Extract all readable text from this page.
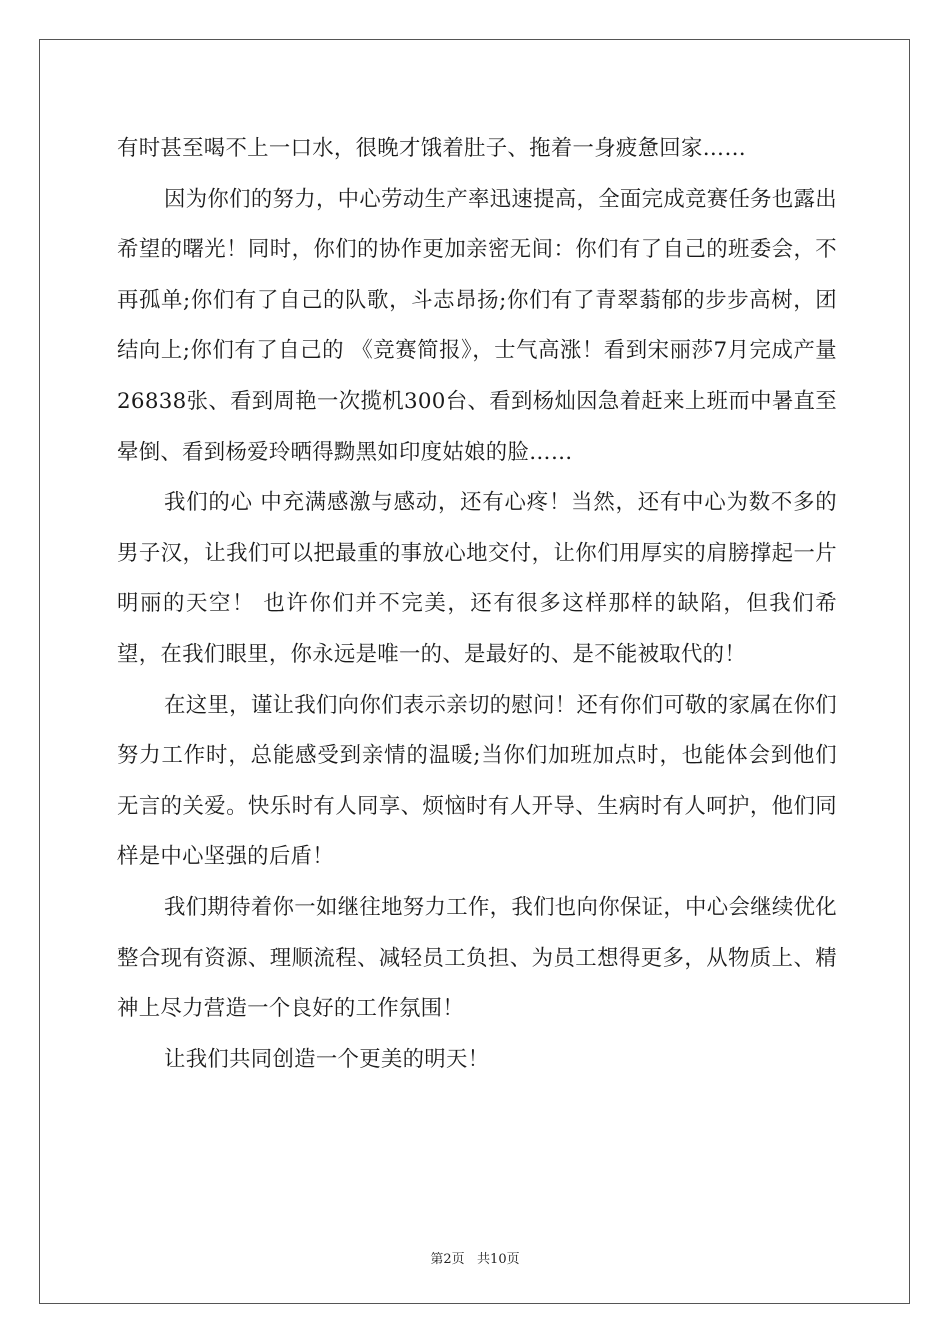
有时甚至喝不上一口水，很晚才饿着肚子、拖着一身疲惫回家……

因为你们的努力，中心劳动生产率迅速提高，全面完成竞赛任务也露出希望的曙光！同时，你们的协作更加亲密无间：你们有了自己的班委会，不再孤单;你们有了自己的队歌，斗志昂扬;你们有了青翠蓊郁的步步高树，团结向上;你们有了自己的 《竞赛简报》，士气高涨！看到宋丽莎7月完成产量26838张、看到周艳一次揽机300台、看到杨灿因急着赶来上班而中暑直至晕倒、看到杨爱玲晒得黝黑如印度姑娘的脸……

我们的心 中充满感激与感动，还有心疼！当然，还有中心为数不多的男子汉，让我们可以把最重的事放心地交付，让你们用厚实的肩膀撑起一片明丽的天空！ 也许你们并不完美，还有很多这样那样的缺陷，但我们希望，在我们眼里，你永远是唯一的、是最好的、是不能被取代的！

在这里，谨让我们向你们表示亲切的慰问！还有你们可敬的家属在你们努力工作时，总能感受到亲情的温暖;当你们加班加点时，也能体会到他们无言的关爱。快乐时有人同享、烦恼时有人开导、生病时有人呵护，他们同样是中心坚强的后盾！

我们期待着你一如继往地努力工作，我们也向你保证，中心会继续优化整合现有资源、理顺流程、减轻员工负担、为员工想得更多，从物质上、精神上尽力营造一个良好的工作氛围！

让我们共同创造一个更美的明天！

第2页   共10页
